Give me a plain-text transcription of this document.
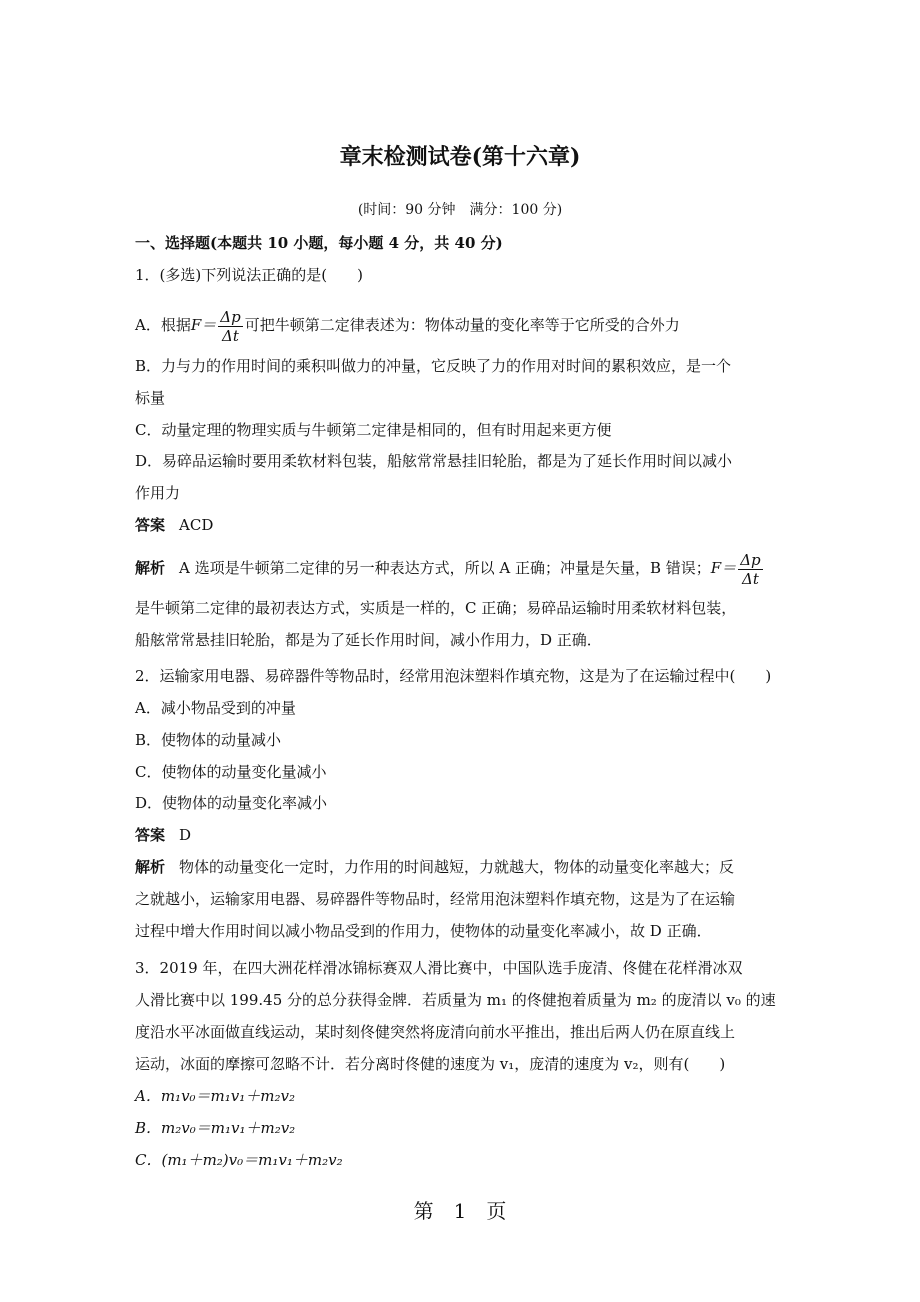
章末检测试卷(第十六章)
(时间：90 分钟　满分：100 分)
一、选择题(本题共 10 小题，每小题 4 分，共 40 分)
1．(多选)下列说法正确的是(　　)
A．根据$F= \frac{\Delta p}{\Delta t}$ 可把牛顿第二定律表述为：物体动量的变化率等于它所受的合外力
B．力与力的作用时间的乘积叫做力的冲量，它反映了力的作用对时间的累积效应，是一个
标量
C．动量定理的物理实质与牛顿第二定律是相同的，但有时用起来更方便
D．易碎品运输时要用柔软材料包装，船舷常常悬挂旧轮胎，都是为了延长作用时间以减小
作用力
答案 ACD
解析 A 选项是牛顿第二定律的另一种表达方式，所以 A 正确；冲量是矢量，B 错误；$F= \frac{\Delta p}{\Delta t}$
是牛顿第二定律的最初表达方式，实质是一样的，C 正确；易碎品运输时用柔软材料包装，
船舷常常悬挂旧轮胎，都是为了延长作用时间，减小作用力，D 正确．
2．运输家用电器、易碎器件等物品时，经常用泡沫塑料作填充物，这是为了在运输过程中(　　)
A．减小物品受到的冲量
B．使物体的动量减小
C．使物体的动量变化量减小
D．使物体的动量变化率减小
答案 D
解析 物体的动量变化一定时，力作用的时间越短，力就越大，物体的动量变化率越大；反
之就越小，运输家用电器、易碎器件等物品时，经常用泡沫塑料作填充物，这是为了在运输
过程中增大作用时间以减小物品受到的作用力，使物体的动量变化率减小，故 D 正确．
3．2019 年，在四大洲花样滑冰锦标赛双人滑比赛中，中国队选手庞清、佟健在花样滑冰双
人滑比赛中以 199.45 分的总分获得金牌．若质量为 m₁ 的佟健抱着质量为 m₂ 的庞清以 v₀ 的速
度沿水平冰面做直线运动，某时刻佟健突然将庞清向前水平推出，推出后两人仍在原直线上
运动，冰面的摩擦可忽略不计．若分离时佟健的速度为 v₁，庞清的速度为 v₂，则有(　　)
A．m₁v₀＝m₁v₁＋m₂v₂
B．m₂v₀＝m₁v₁＋m₂v₂
C．(m₁＋m₂)v₀＝m₁v₁＋m₂v₂
第　1　页
